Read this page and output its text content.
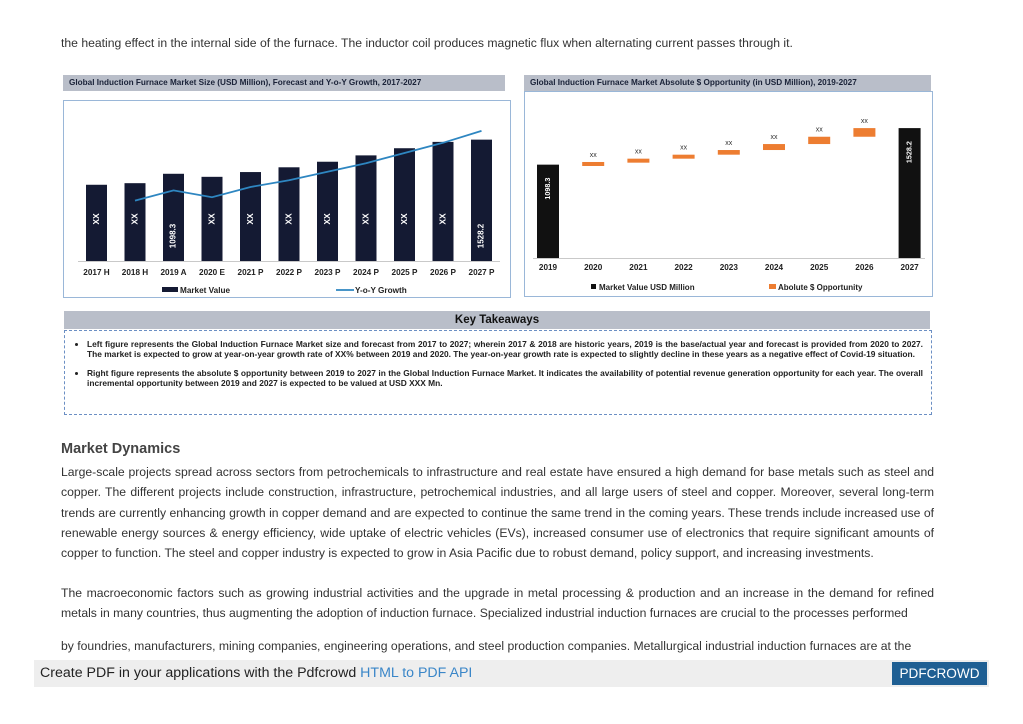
the heating effect in the internal side of the furnace. The inductor coil produces magnetic flux when alternating current passes through it.
Global Induction Furnace Market Size (USD Million), Forecast and Y-o-Y Growth, 2017-2027
XX
2017 H
XX
2018 H
1098.3
2019 A
XX
2020 E
XX
2021 P
XX
2022 P
XX
2023 P
XX
2024 P
XX
2025 P
XX
2026 P
1528.2
2027 P
Market Value	Y-o-Y Growth
Global Induction Furnace Market Absolute $ Opportunity (in USD Million), 2019-2027
1098.3
2019
xx
2020
xx
2021
xx
2022
xx
2023
xx
2024
xx
2025
xx
2026
1528.2
2027
Market Value USD Million	Abolute $ Opportunity
Key Takeaways
• Left figure represents the Global Induction Furnace Market size and forecast from 2017 to 2027; wherein 2017 & 2018 are historic years, 2019 is the base/actual year and forecast is provided from 2020 to 2027. The market is expected to grow at year-on-year growth rate of XX% between 2019 and 2020. The year-on-year growth rate is expected to slightly decline in these years as a negative effect of Covid-19 situation.
• Right figure represents the absolute $ opportunity between 2019 to 2027 in the Global Induction Furnace Market. It indicates the availability of potential revenue generation opportunity for each year. The overall incremental opportunity between 2019 and 2027 is expected to be valued at USD XXX Mn.
Market Dynamics

Large-scale projects spread across sectors from petrochemicals to infrastructure and real estate have ensured a high demand for base metals such as steel and copper. The different projects include construction, infrastructure, petrochemical industries, and all large users of steel and copper. Moreover, several long-term trends are currently enhancing growth in copper demand and are expected to continue the same trend in the coming years. These trends include increased use of renewable energy sources & energy efficiency, wide uptake of electric vehicles (EVs), increased consumer use of electronics that require significant amounts of copper to function. The steel and copper industry is expected to grow in Asia Pacific due to robust demand, policy support, and increasing investments.

The macroeconomic factors such as growing industrial activities and the upgrade in metal processing & production and an increase in the demand for refined metals in many countries, thus augmenting the adoption of induction furnace. Specialized industrial induction furnaces are crucial to the processes performed

by foundries, manufacturers, mining companies, engineering operations, and steel production companies. Metallurgical industrial induction furnaces are at the

Create PDF in your applications with the Pdfcrowd HTML to PDF API	PDFCROWD
